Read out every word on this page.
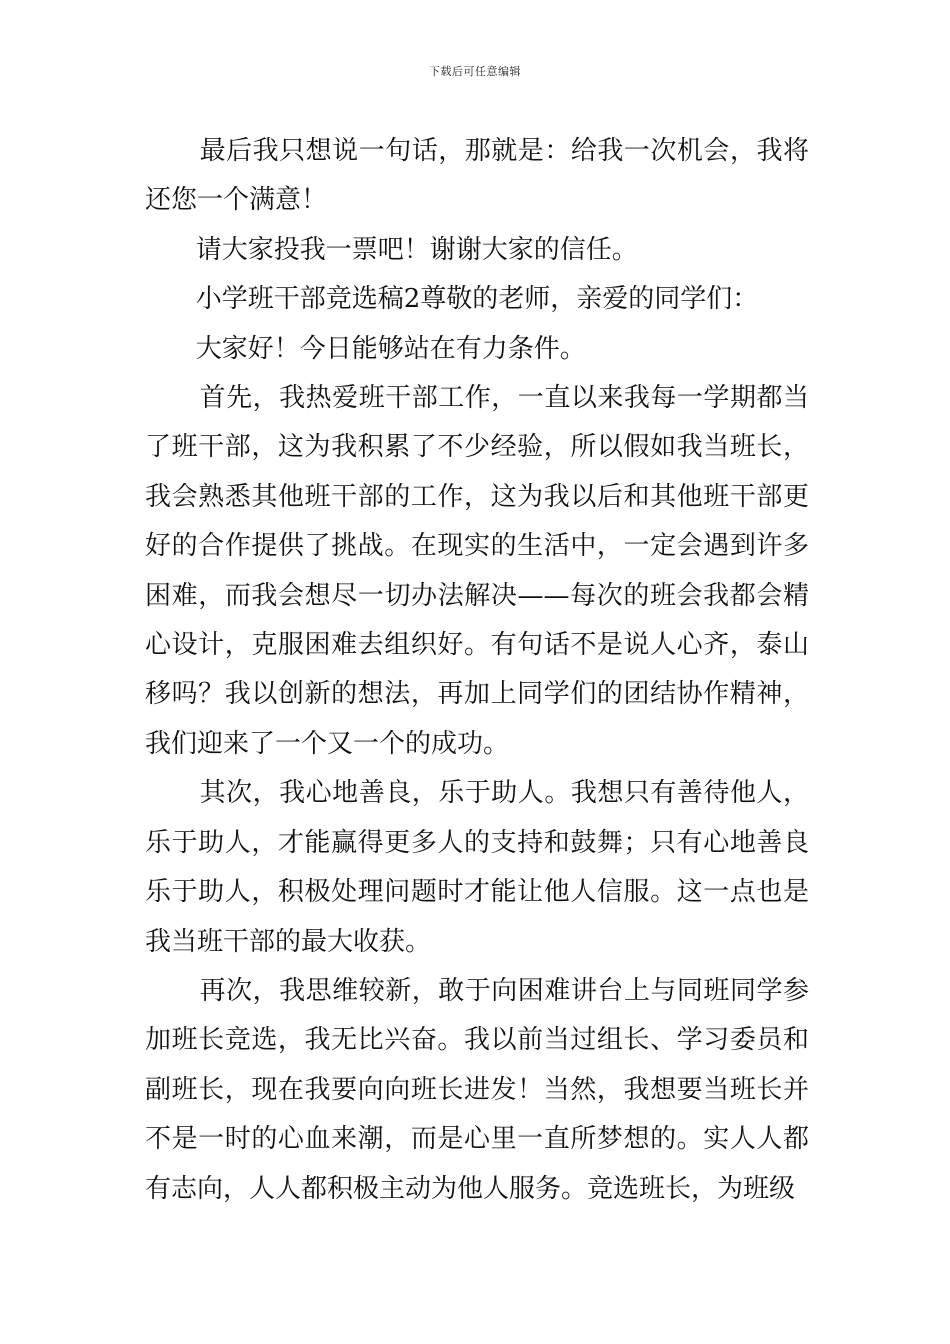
下载后可任意编辑

最后我只想说一句话，那就是：给我一次机会，我将还您一个满意！

请大家投我一票吧！谢谢大家的信任。

小学班干部竞选稿2尊敬的老师，亲爱的同学们：

大家好！今日能够站在有力条件。

首先，我热爱班干部工作，一直以来我每一学期都当了班干部，这为我积累了不少经验，所以假如我当班长，我会熟悉其他班干部的工作，这为我以后和其他班干部更好的合作提供了挑战。在现实的生活中，一定会遇到许多困难，而我会想尽一切办法解决——每次的班会我都会精心设计，克服困难去组织好。有句话不是说人心齐，泰山移吗？我以创新的想法，再加上同学们的团结协作精神，我们迎来了一个又一个的成功。

其次，我心地善良，乐于助人。我想只有善待他人，乐于助人，才能赢得更多人的支持和鼓舞；只有心地善良乐于助人，积极处理问题时才能让他人信服。这一点也是我当班干部的最大收获。

再次，我思维较新，敢于向困难讲台上与同班同学参加班长竞选，我无比兴奋。我以前当过组长、学习委员和副班长，现在我要向向班长进发！当然，我想要当班长并不是一时的心血来潮，而是心里一直所梦想的。实人人都有志向，人人都积极主动为他人服务。竞选班长，为班级
